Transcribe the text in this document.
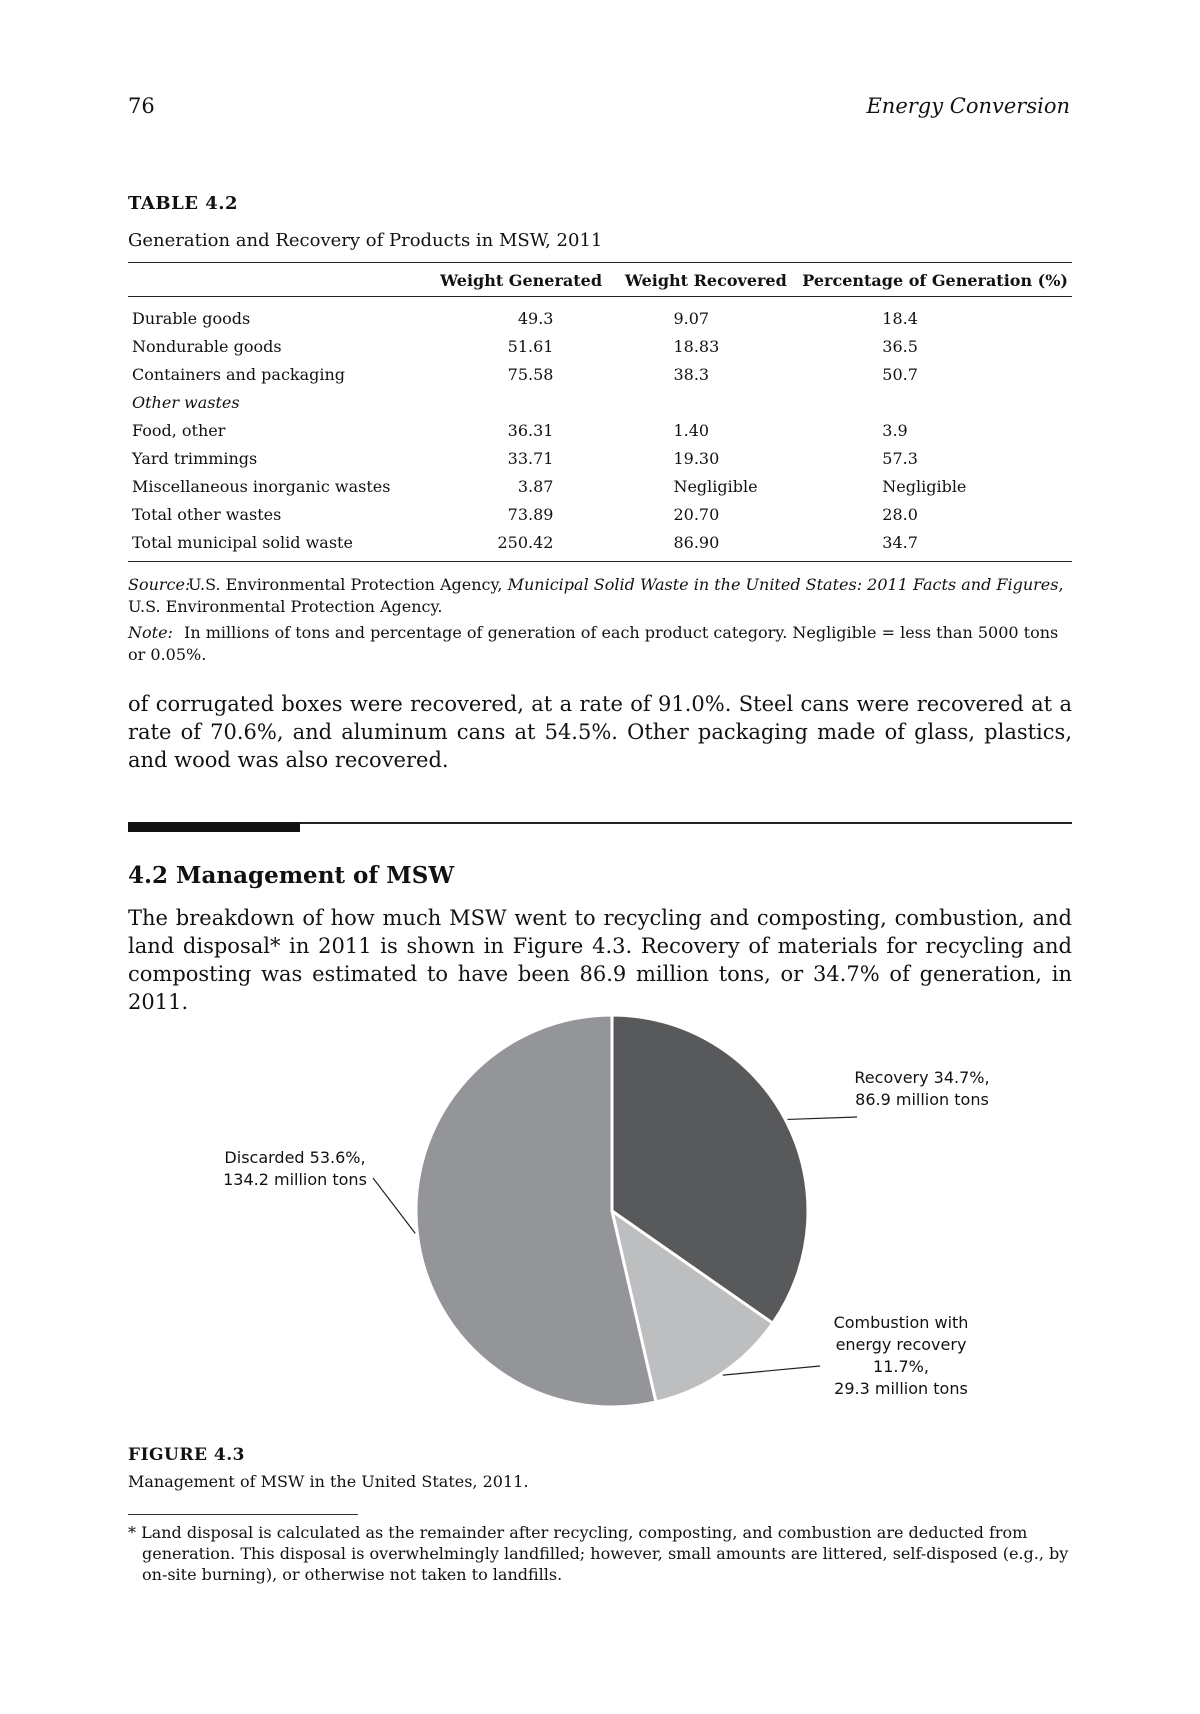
76	Energy Conversion
TABLE 4.2
Generation and Recovery of Products in MSW, 2011
	Weight Generated	Weight Recovered	Percentage of Generation (%)
Durable goods	49.3	9.07	18.4
Nondurable goods	51.61	18.83	36.5
Containers and packaging	75.58	38.3	50.7
Other wastes			
Food, other	36.31	1.40	3.9
Yard trimmings	33.71	19.30	57.3
Miscellaneous inorganic wastes	3.87	Negligible	Negligible
Total other wastes	73.89	20.70	28.0
Total municipal solid waste	250.42	86.90	34.7
Source:U.S. Environmental Protection Agency, Municipal Solid Waste in the United States: 2011 Facts and Figures, U.S. Environmental Protection Agency.
Note: In millions of tons and percentage of generation of each product category. Negligible = less than 5000 tons or 0.05%.
of corrugated boxes were recovered, at a rate of 91.0%. Steel cans were recovered at a rate of 70.6%, and aluminum cans at 54.5%. Other packaging made of glass, plastics, and wood was also recovered.
4.2 Management of MSW
The breakdown of how much MSW went to recycling and composting, combustion, and land disposal* in 2011 is shown in Figure 4.3. Recovery of materials for recycling and composting was estimated to have been 86.9 million tons, or 34.7% of generation, in 2011.
Recovery 34.7%, 86.9 million tons
Combustion with energy recovery 11.7%, 29.3 million tons
Discarded 53.6%, 134.2 million tons
FIGURE 4.3
Management of MSW in the United States, 2011.
* Land disposal is calculated as the remainder after recycling, composting, and combustion are deducted from generation. This disposal is overwhelmingly landfilled; however, small amounts are littered, self-disposed (e.g., by on-site burning), or otherwise not taken to landfills.
